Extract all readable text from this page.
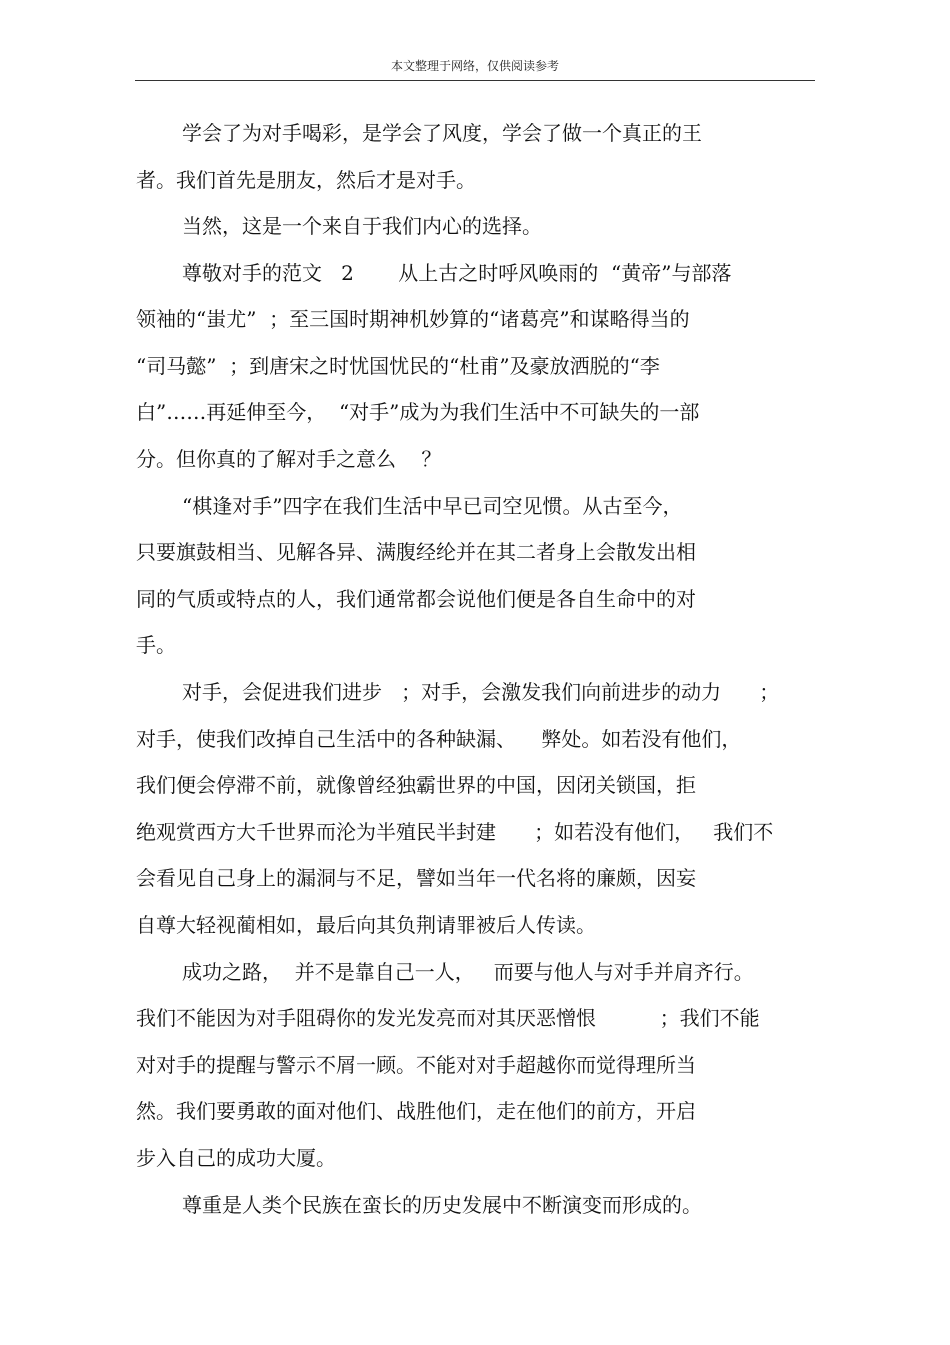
本文整理于网络，仅供阅读参考
学会了为对手喝彩，是学会了风度，学会了做一个真正的王
者。我们首先是朋友，然后才是对手。
当然，这是一个来自于我们内心的选择。
尊敬对手的范文   2       从上古之时呼风唤雨的  “黄帝”与部落
领袖的“蚩尤”  ；至三国时期神机妙算的“诸葛亮”和谋略得当的
“司马懿”  ；到唐宋之时忧国忧民的“杜甫”及豪放洒脱的“李
白”……再延伸至今，  “对手”成为为我们生活中不可缺失的一部
分。但你真的了解对手之意么    ？
“棋逢对手”四字在我们生活中早已司空见惯。从古至今，
只要旗鼓相当、见解各异、满腹经纶并在其二者身上会散发出相
同的气质或特点的人，我们通常都会说他们便是各自生命中的对
手。
对手，会促进我们进步   ；对手，会激发我们向前进步的动力      ；
对手，使我们改掉自己生活中的各种缺漏、    弊处。如若没有他们，
我们便会停滞不前，就像曾经独霸世界的中国，因闭关锁国，拒
绝观赏西方大千世界而沦为半殖民半封建      ；如若没有他们，   我们不
会看见自己身上的漏洞与不足，譬如当年一代名将的廉颇，因妄
自尊大轻视蔺相如，最后向其负荆请罪被后人传读。
成功之路，  并不是靠自己一人，   而要与他人与对手并肩齐行。
我们不能因为对手阻碍你的发光发亮而对其厌恶憎恨          ；我们不能
对对手的提醒与警示不屑一顾。不能对对手超越你而觉得理所当
然。我们要勇敢的面对他们、战胜他们，走在他们的前方，开启
步入自己的成功大厦。
尊重是人类个民族在蛮长的历史发展中不断演变而形成的。
